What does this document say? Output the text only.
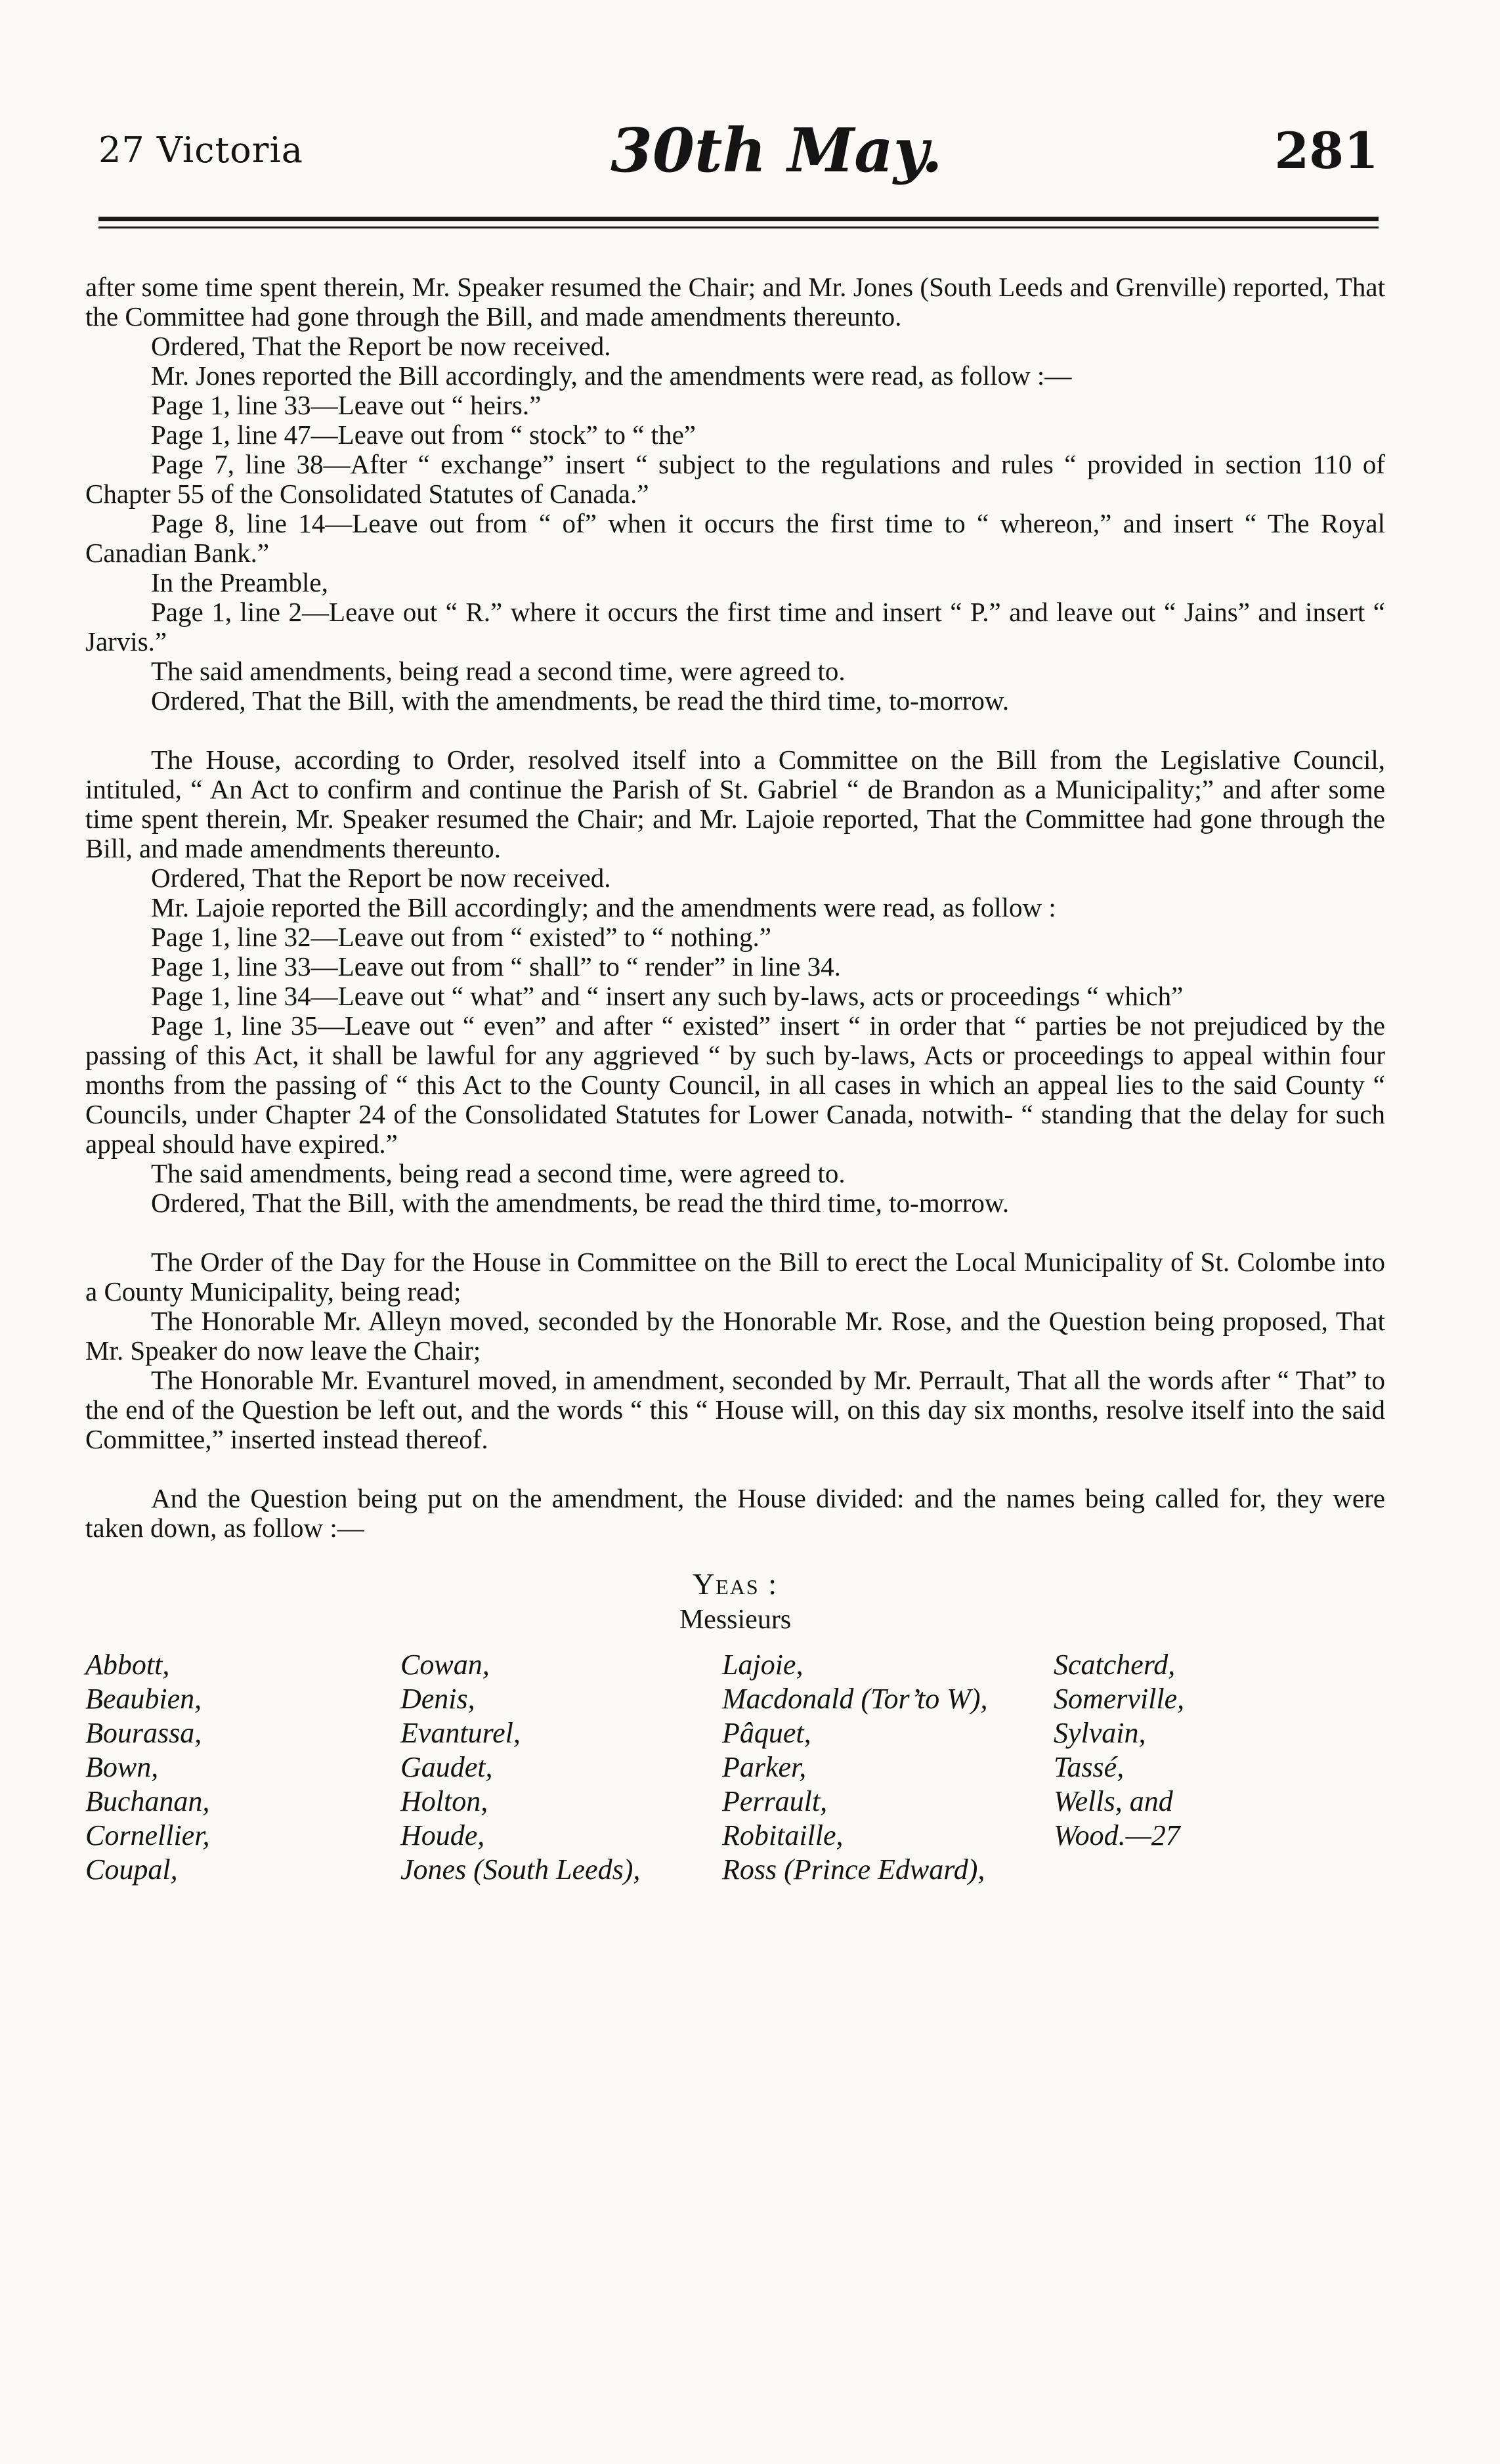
27 Victoria	30th May.	281

after some time spent therein, Mr. Speaker resumed the Chair; and Mr. Jones (South Leeds and Grenville) reported, That the Committee had gone through the Bill, and made amendments thereunto.

Ordered, That the Report be now received.

Mr. Jones reported the Bill accordingly, and the amendments were read, as follow :—

Page 1, line 33—Leave out “ heirs.”

Page 1, line 47—Leave out from “ stock” to “ the”

Page 7, line 38—After “ exchange” insert “ subject to the regulations and rules “ provided in section 110 of Chapter 55 of the Consolidated Statutes of Canada.”

Page 8, line 14—Leave out from “ of” when it occurs the first time to “ whereon,” and insert “ The Royal Canadian Bank.”

In the Preamble,

Page 1, line 2—Leave out “ R.” where it occurs the first time and insert “ P.” and leave out “ Jains” and insert “ Jarvis.”

The said amendments, being read a second time, were agreed to.

Ordered, That the Bill, with the amendments, be read the third time, to-morrow.

The House, according to Order, resolved itself into a Committee on the Bill from the Legislative Council, intituled, “ An Act to confirm and continue the Parish of St. Gabriel “ de Brandon as a Municipality;” and after some time spent therein, Mr. Speaker resumed the Chair; and Mr. Lajoie reported, That the Committee had gone through the Bill, and made amendments thereunto.

Ordered, That the Report be now received.

Mr. Lajoie reported the Bill accordingly; and the amendments were read, as follow :

Page 1, line 32—Leave out from “ existed” to “ nothing.”

Page 1, line 33—Leave out from “ shall” to “ render” in line 34.

Page 1, line 34—Leave out “ what” and “ insert any such by-laws, acts or proceedings “ which”

Page 1, line 35—Leave out “ even” and after “ existed” insert “ in order that “ parties be not prejudiced by the passing of this Act, it shall be lawful for any aggrieved “ by such by-laws, Acts or proceedings to appeal within four months from the passing of “ this Act to the County Council, in all cases in which an appeal lies to the said County “ Councils, under Chapter 24 of the Consolidated Statutes for Lower Canada, notwith- “ standing that the delay for such appeal should have expired.”

The said amendments, being read a second time, were agreed to.

Ordered, That the Bill, with the amendments, be read the third time, to-morrow.

The Order of the Day for the House in Committee on the Bill to erect the Local Municipality of St. Colombe into a County Municipality, being read;

The Honorable Mr. Alleyn moved, seconded by the Honorable Mr. Rose, and the Question being proposed, That Mr. Speaker do now leave the Chair;

The Honorable Mr. Evanturel moved, in amendment, seconded by Mr. Perrault, That all the words after “ That” to the end of the Question be left out, and the words “ this “ House will, on this day six months, resolve itself into the said Committee,” inserted instead thereof.

And the Question being put on the amendment, the House divided: and the names being called for, they were taken down, as follow :—

Yeas :
Messieurs
Abbott,
Beaubien,
Bourassa,
Bown,
Buchanan,
Cornellier,
Coupal,
Cowan,
Denis,
Evanturel,
Gaudet,
Holton,
Houde,
Jones (South Leeds),
Lajoie,
Macdonald (Tor’to W),
Pâquet,
Parker,
Perrault,
Robitaille,
Ross (Prince Edward),
Scatcherd,
Somerville,
Sylvain,
Tassé,
Wells, and
Wood.—27
